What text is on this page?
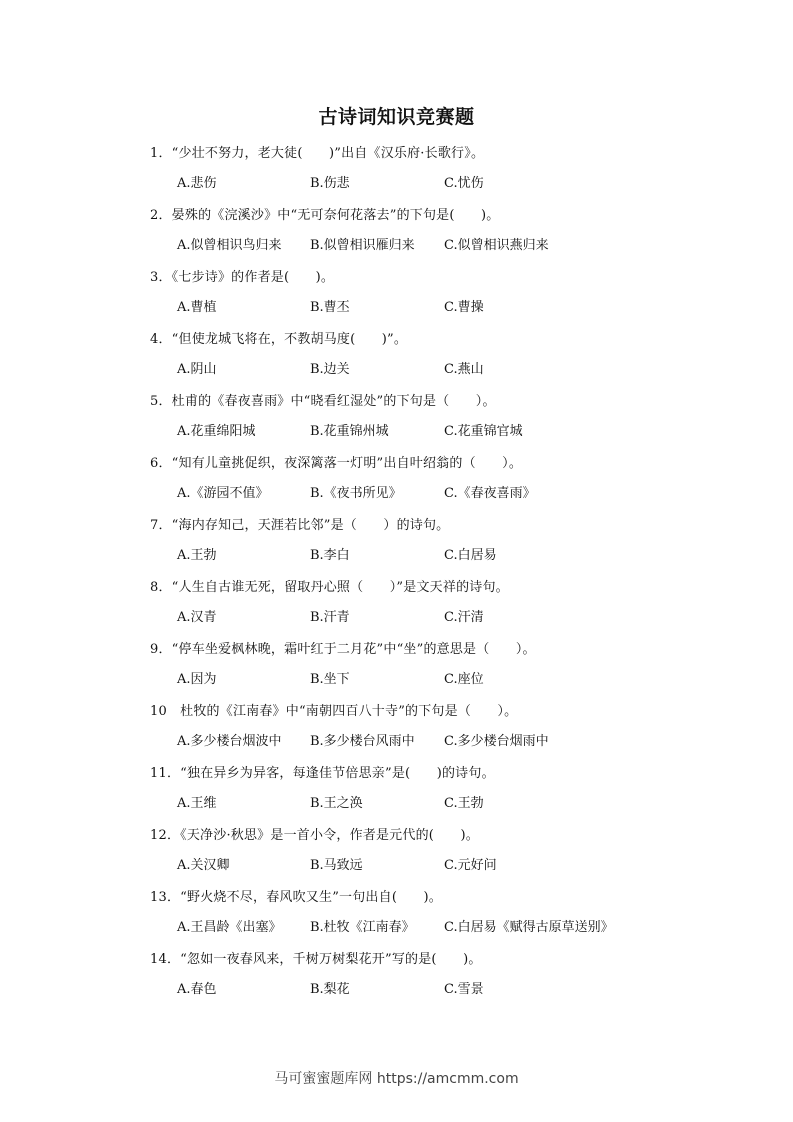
古诗词知识竞赛题
1．“少壮不努力，老大徒(　　)”出自《汉乐府·长歌行》。
A.悲伤	B.伤悲	C.忧伤
2．晏殊的《浣溪沙》中“无可奈何花落去”的下句是(　　)。
A.似曾相识鸟归来 B.似曾相识雁归来 C.似曾相识燕归来
3．《七步诗》的作者是(　　)。
A.曹植	B.曹丕	C.曹操
4．“但使龙城飞将在，不教胡马度(　　)”。
A.阴山	B.边关	C.燕山
5．杜甫的《春夜喜雨》中“晓看红湿处”的下句是（　　）。
A.花重绵阳城	B.花重锦州城	C.花重锦官城
6．“知有儿童挑促织，夜深篱落一灯明”出自叶绍翁的（　　）。
A.《游园不值》	B.《夜书所见》	C.《春夜喜雨》
7．“海内存知己，天涯若比邻”是（　　）的诗句。
A.王勃	B.李白	C.白居易
8．“人生自古谁无死，留取丹心照（　　）”是文天祥的诗句。
A.汉青	B.汗青	C.汗清
9．“停车坐爱枫林晚，霜叶红于二月花”中“坐”的意思是（　　）。
A.因为	B.坐下	C.座位
10　杜牧的《江南春》中“南朝四百八十寺”的下句是（　　）。
A.多少楼台烟波中 B.多少楼台风雨中 C.多少楼台烟雨中
11．“独在异乡为异客，每逢佳节倍思亲”是(　　)的诗句。
A.王维	B.王之涣	C.王勃
12．《天净沙·秋思》是一首小令，作者是元代的(　　)。
A.关汉卿	B.马致远	C.元好问
13．“野火烧不尽，春风吹又生”一句出自(　　)。
A.王昌龄《出塞》 B.杜牧《江南春》 C.白居易《赋得古原草送别》
14．“忽如一夜春风来，千树万树梨花开”写的是(　　)。
A.春色	B.梨花	C.雪景
马可蜜蜜题库网 https://amcmm.com
